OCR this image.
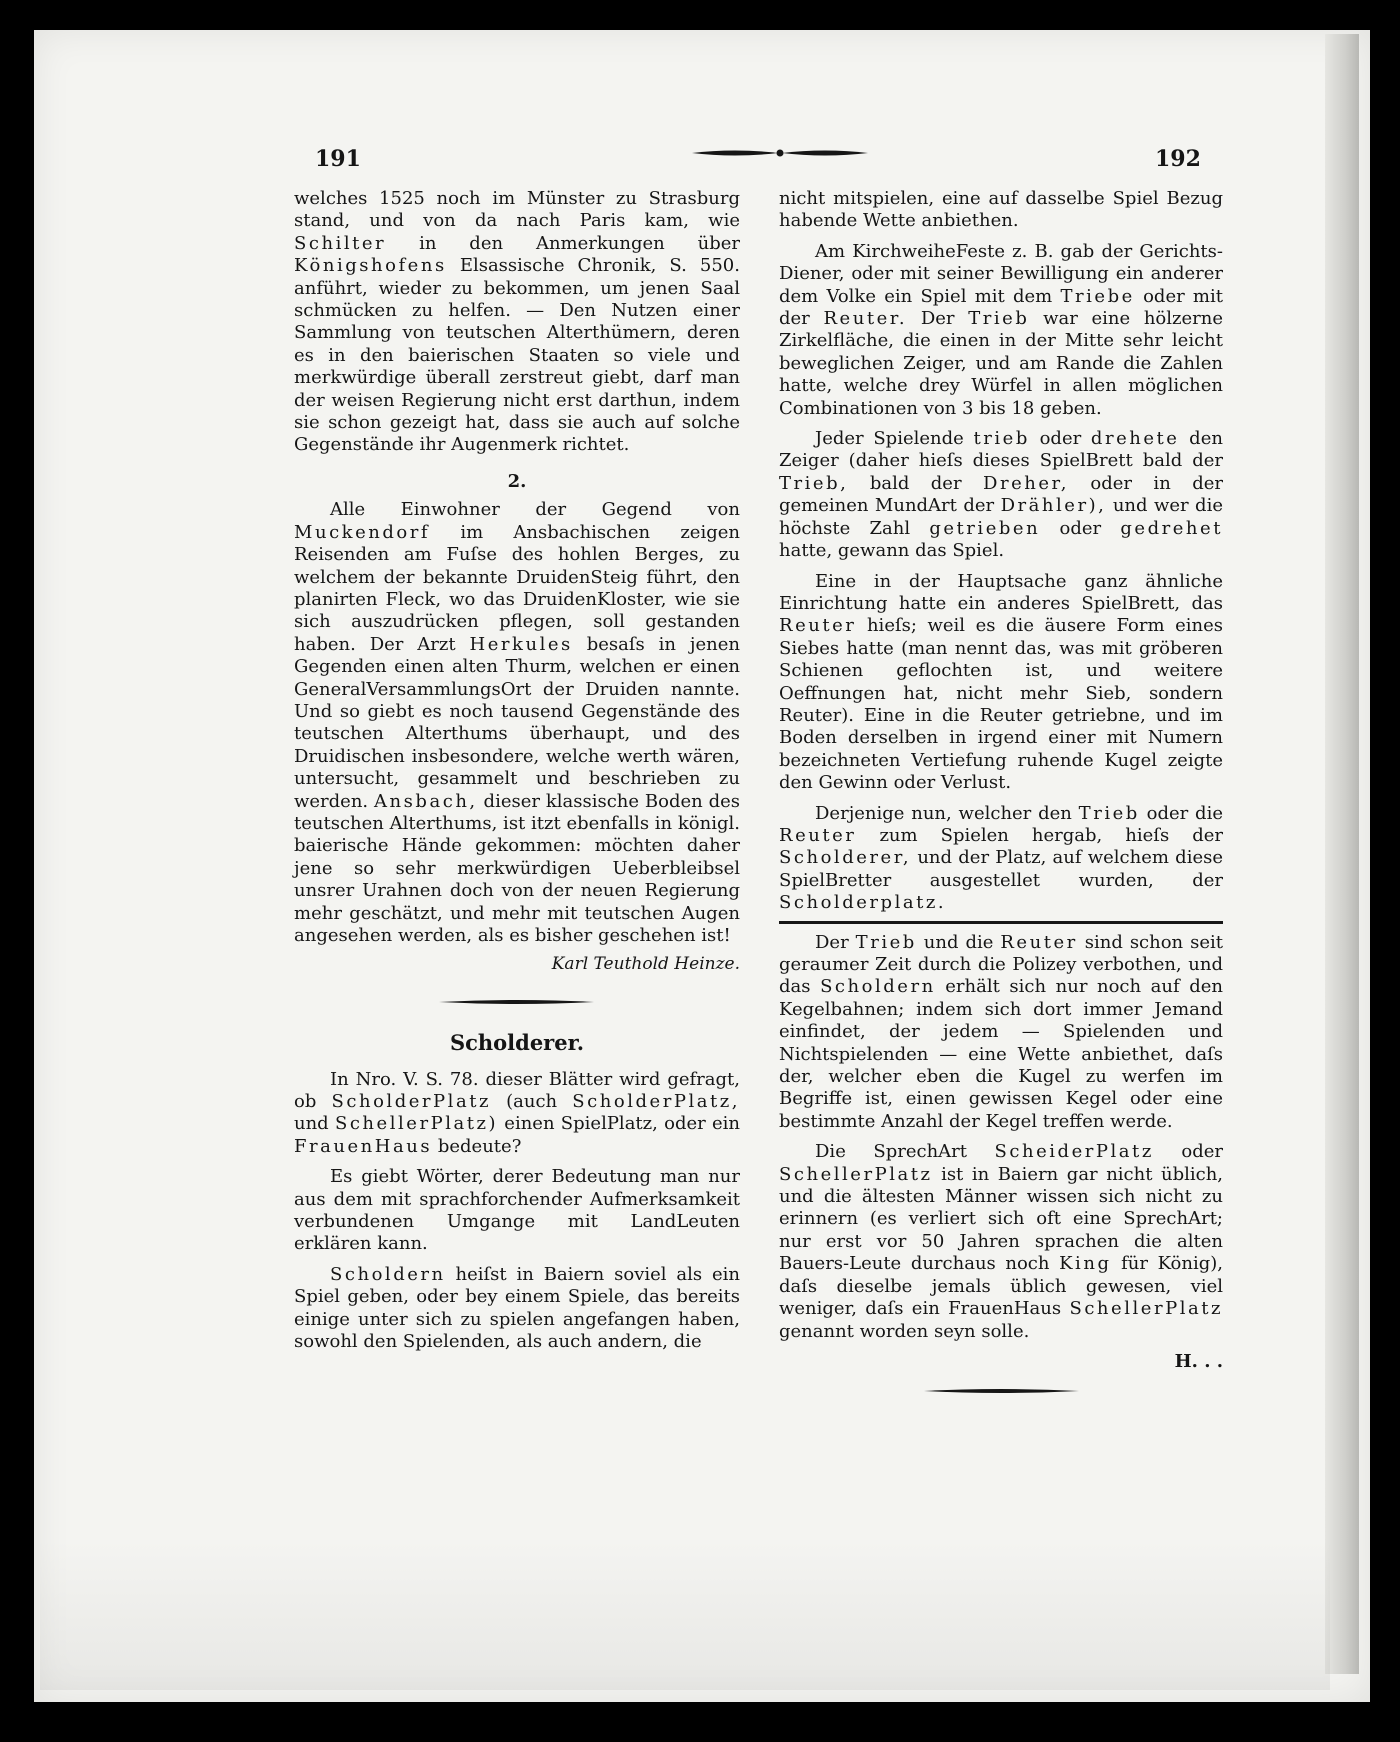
191	192

welches 1525 noch im Münster zu Strasburg stand, und von da nach Paris kam, wie Schilter in den Anmerkungen über Königshofens Elsassische Chronik, S. 550. anführt, wieder zu bekommen, um jenen Saal schmücken zu helfen. — Den Nutzen einer Sammlung von teutschen Alterthümern, deren es in den baierischen Staaten so viele und merkwürdige überall zerstreut giebt, darf man der weisen Regierung nicht erst darthun, indem sie schon gezeigt hat, dass sie auch auf solche Gegenstände ihr Augenmerk richtet.

2.

Alle Einwohner der Gegend von Muckendorf im Ansbachischen zeigen Reisenden am Fuſse des hohlen Berges, zu welchem der bekannte DruidenSteig führt, den planirten Fleck, wo das DruidenKloster, wie sie sich auszudrücken pflegen, soll gestanden haben. Der Arzt Herkules besaſs in jenen Gegenden einen alten Thurm, welchen er einen GeneralVersammlungsOrt der Druiden nannte. Und so giebt es noch tausend Gegenstände des teutschen Alterthums überhaupt, und des Druidischen insbesondere, welche werth wären, untersucht, gesammelt und beschrieben zu werden. Ansbach, dieser klassische Boden des teutschen Alterthums, ist itzt ebenfalls in königl. baierische Hände gekommen: möchten daher jene so sehr merkwürdigen Ueberbleibsel unsrer Urahnen doch von der neuen Regierung mehr geschätzt, und mehr mit teutschen Augen angesehen werden, als es bisher geschehen ist!

Karl Teuthold Heinze.
Scholderer.

In Nro. V. S. 78. dieser Blätter wird gefragt, ob ScholderPlatz (auch ScholderPlatz, und SchellerPlatz) einen SpielPlatz, oder ein FrauenHaus bedeute?

Es giebt Wörter, derer Bedeutung man nur aus dem mit sprachforchender Aufmerksamkeit verbundenen Umgange mit LandLeuten erklären kann.

Scholdern heiſst in Baiern soviel als ein Spiel geben, oder bey einem Spiele, das bereits einige unter sich zu spielen angefangen haben, sowohl den Spielenden, als auch andern, die

nicht mitspielen, eine auf dasselbe Spiel Bezug habende Wette anbiethen.

Am KirchweiheFeste z. B. gab der Gerichts-Diener, oder mit seiner Bewilligung ein anderer dem Volke ein Spiel mit dem Triebe oder mit der Reuter. Der Trieb war eine hölzerne Zirkelfläche, die einen in der Mitte sehr leicht beweglichen Zeiger, und am Rande die Zahlen hatte, welche drey Würfel in allen möglichen Combinationen von 3 bis 18 geben.

Jeder Spielende trieb oder drehete den Zeiger (daher hieſs dieses SpielBrett bald der Trieb, bald der Dreher, oder in der gemeinen MundArt der Drähler), und wer die höchste Zahl getrieben oder gedrehet hatte, gewann das Spiel.

Eine in der Hauptsache ganz ähnliche Einrichtung hatte ein anderes SpielBrett, das Reuter hieſs; weil es die äusere Form eines Siebes hatte (man nennt das, was mit gröberen Schienen geflochten ist, und weitere Oeffnungen hat, nicht mehr Sieb, sondern Reuter). Eine in die Reuter getriebne, und im Boden derselben in irgend einer mit Numern bezeichneten Vertiefung ruhende Kugel zeigte den Gewinn oder Verlust.

Derjenige nun, welcher den Trieb oder die Reuter zum Spielen hergab, hieſs der Scholderer, und der Platz, auf welchem diese SpielBretter ausgestellet wurden, der Scholderplatz.

Der Trieb und die Reuter sind schon seit geraumer Zeit durch die Polizey verbothen, und das Scholdern erhält sich nur noch auf den Kegelbahnen; indem sich dort immer Jemand einfindet, der jedem — Spielenden und Nichtspielenden — eine Wette anbiethet, daſs der, welcher eben die Kugel zu werfen im Begriffe ist, einen gewissen Kegel oder eine bestimmte Anzahl der Kegel treffen werde.

Die SprechArt ScheiderPlatz oder SchellerPlatz ist in Baiern gar nicht üblich, und die ältesten Männer wissen sich nicht zu erinnern (es verliert sich oft eine SprechArt; nur erst vor 50 Jahren sprachen die alten Bauers-Leute durchaus noch King für König), daſs dieselbe jemals üblich gewesen, viel weniger, daſs ein FrauenHaus SchellerPlatz genannt worden seyn solle.

H. . .
